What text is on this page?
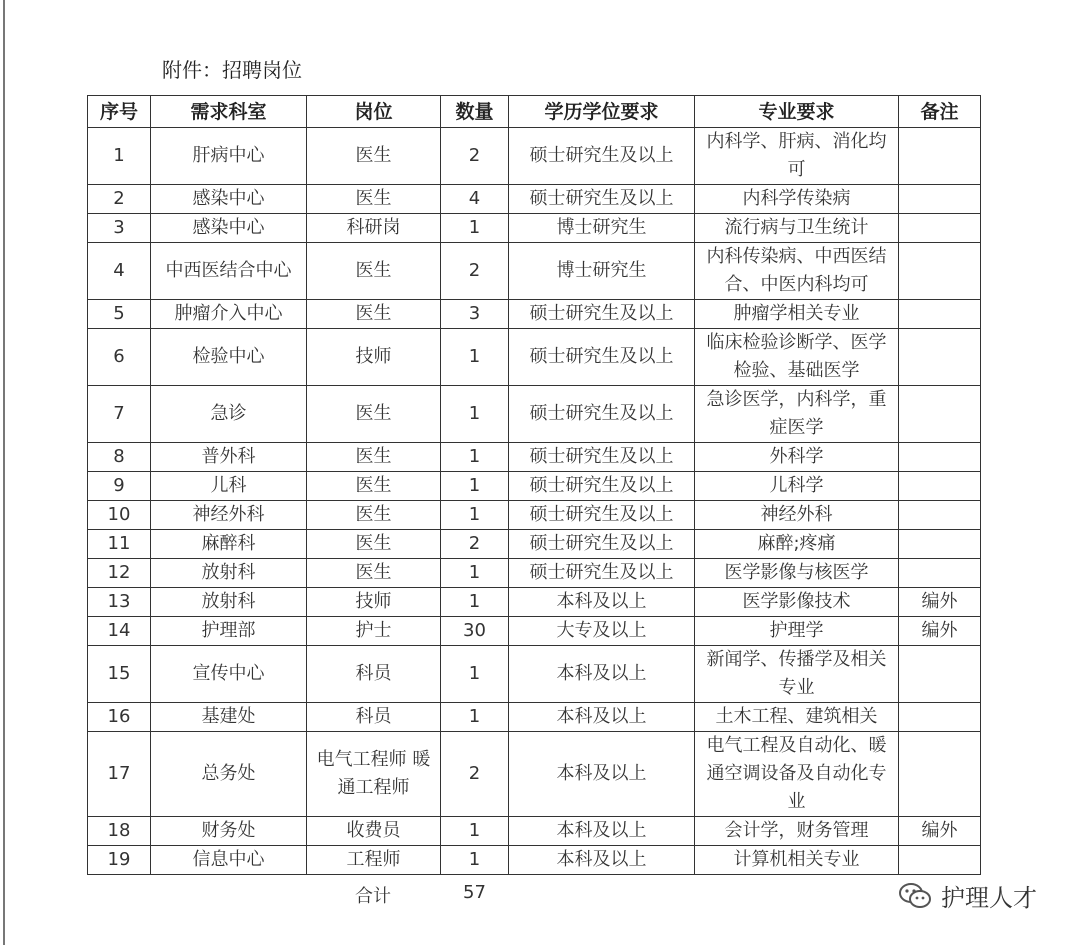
附件：招聘岗位
序号	需求科室	岗位	数量	学历学位要求	专业要求	备注
1	肝病中心	医生	2	硕士研究生及以上	内科学、肝病、消化均可	
2	感染中心	医生	4	硕士研究生及以上	内科学传染病	
3	感染中心	科研岗	1	博士研究生	流行病与卫生统计	
4	中西医结合中心	医生	2	博士研究生	内科传染病、中西医结合、中医内科均可	
5	肿瘤介入中心	医生	3	硕士研究生及以上	肿瘤学相关专业	
6	检验中心	技师	1	硕士研究生及以上	临床检验诊断学、医学检验、基础医学	
7	急诊	医生	1	硕士研究生及以上	急诊医学，内科学，重症医学	
8	普外科	医生	1	硕士研究生及以上	外科学	
9	儿科	医生	1	硕士研究生及以上	儿科学	
10	神经外科	医生	1	硕士研究生及以上	神经外科	
11	麻醉科	医生	2	硕士研究生及以上	麻醉;疼痛	
12	放射科	医生	1	硕士研究生及以上	医学影像与核医学	
13	放射科	技师	1	本科及以上	医学影像技术	编外
14	护理部	护士	30	大专及以上	护理学	编外
15	宣传中心	科员	1	本科及以上	新闻学、传播学及相关专业	
16	基建处	科员	1	本科及以上	土木工程、建筑相关	
17	总务处	电气工程师 暖通工程师	2	本科及以上	电气工程及自动化、暖通空调设备及自动化专业	
18	财务处	收费员	1	本科及以上	会计学，财务管理	编外
19	信息中心	工程师	1	本科及以上	计算机相关专业	
合计	57	护理人才
